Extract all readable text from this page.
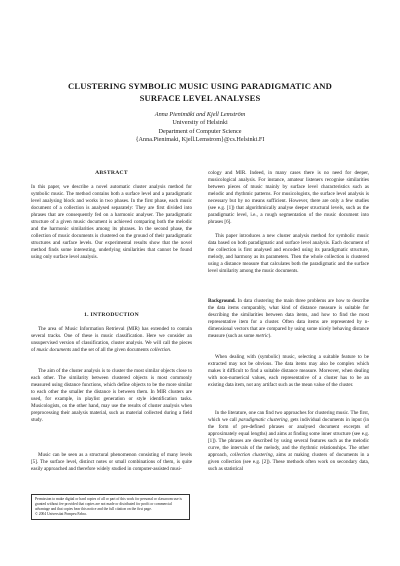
CLUSTERING SYMBOLIC MUSIC USING PARADIGMATIC AND
SURFACE LEVEL ANALYSES
Anna Pienimäki and Kjell Lemström
University of Helsinki
Department of Computer Science
{Anna.Pienimaki, Kjell.Lemstrom}@cs.Helsinki.FI
ABSTRACT

In this paper, we describe a novel automatic cluster analysis method for symbolic music. The method contains both a surface level and a paradigmatic level analysing block and works in two phases. In the first phase, each music document of a collection is analysed separately: They are first divided into phrases that are consequently fed on a harmonic analyser. The paradigmatic structure of a given music document is achieved comparing both the melodic and the harmonic similarities among its phrases. In the second phase, the collection of music documents is clustered on the ground of their paradigmatic structures and surface levels. Our experimental results show that the novel method finds some interesting, underlying similarities that cannot be found using only surface level analysis.

1. INTRODUCTION

The area of Music Information Retrieval (MIR) has extended to contain several tracks. One of these is music classification. Here we consider an unsupervised version of classification, cluster analysis. We will call the pieces of music documents and the set of all the given documents collection.

The aim of the cluster analysis is to cluster the most similar objects close to each other. The similarity between clustered objects is most commonly measured using distance functions, which define objects to be the more similar to each other the smaller the distance is between them. In MIR clusters are used, for example, in playlist generation or style identification tasks. Musicologists, on the other hand, may use the results of cluster analysis when preprocessing their analysis material, such as material collected during a field study.

Music can be seen as a structural phenomenon consisting of many levels [5]. The surface level, distinct notes or small combinations of them, is quite easily approached and therefore widely studied in computer-assisted musi-

cology and MIR. Indeed, in many cases there is no need for deeper, musicological analysis. For instance, amateur listeners recognise similarities between pieces of music mainly by surface level characteristics such as melodic and rhythmic patterns. For musicologists, the surface level analysis is necessary but by no means sufficient. However, there are only a few studies (see e.g. [1]) that algorithmically analyse deeper structural levels, such as the paradigmatic level, i.e., a rough segmentation of the music document into phrases [6].

This paper introduces a new cluster analysis method for symbolic music data based on both paradigmatic and surface level analysis. Each document of the collection is first analysed and encoded using its paradigmatic structure, melody, and harmony as its parameters. Then the whole collection is clustered using a distance measure that calculates both the paradigmatic and the surface level similarity among the music documents.

Background. In data clustering the main three problems are how to describe the data items comparably, what kind of distance measure is suitable for describing the similarities between data items, and how to find the most representative item for a cluster. Often data items are represented by n-dimensional vectors that are compared by using some nicely behaving distance measure (such as some metric).

When dealing with (symbolic) music, selecting a suitable feature to be extracted may not be obvious. The data items may also be complex which makes it difficult to find a suitable distance measure. Moreover, when dealing with non-numerical values, each representative of a cluster has to be an existing data item, not any artifact such as the mean value of the cluster.

In the literature, one can find two approaches for clustering music. The first, which we call paradigmatic clustering, gets individual documents in input (in the form of pre-defined phrases or analysed document excerpts of approximately equal lengths) and aims at finding some inner structure (see e.g. [1]). The phrases are described by using several features such as the melodic curve, the intervals of the melody, and the rhythmic relationships. The other approach, collection clustering, aims at making clusters of documents in a given collection (see e.g. [2]). These methods often work on secondary data, such as statistical

Permission to make digital or hard copies of all or part of this work for personal or classroom use is granted without fee provided that copies are not made or distributed for profit or commercial advantage and that copies bear this notice and the full citation on the first page.
© 2004 Universitat Pompeu Fabra.
